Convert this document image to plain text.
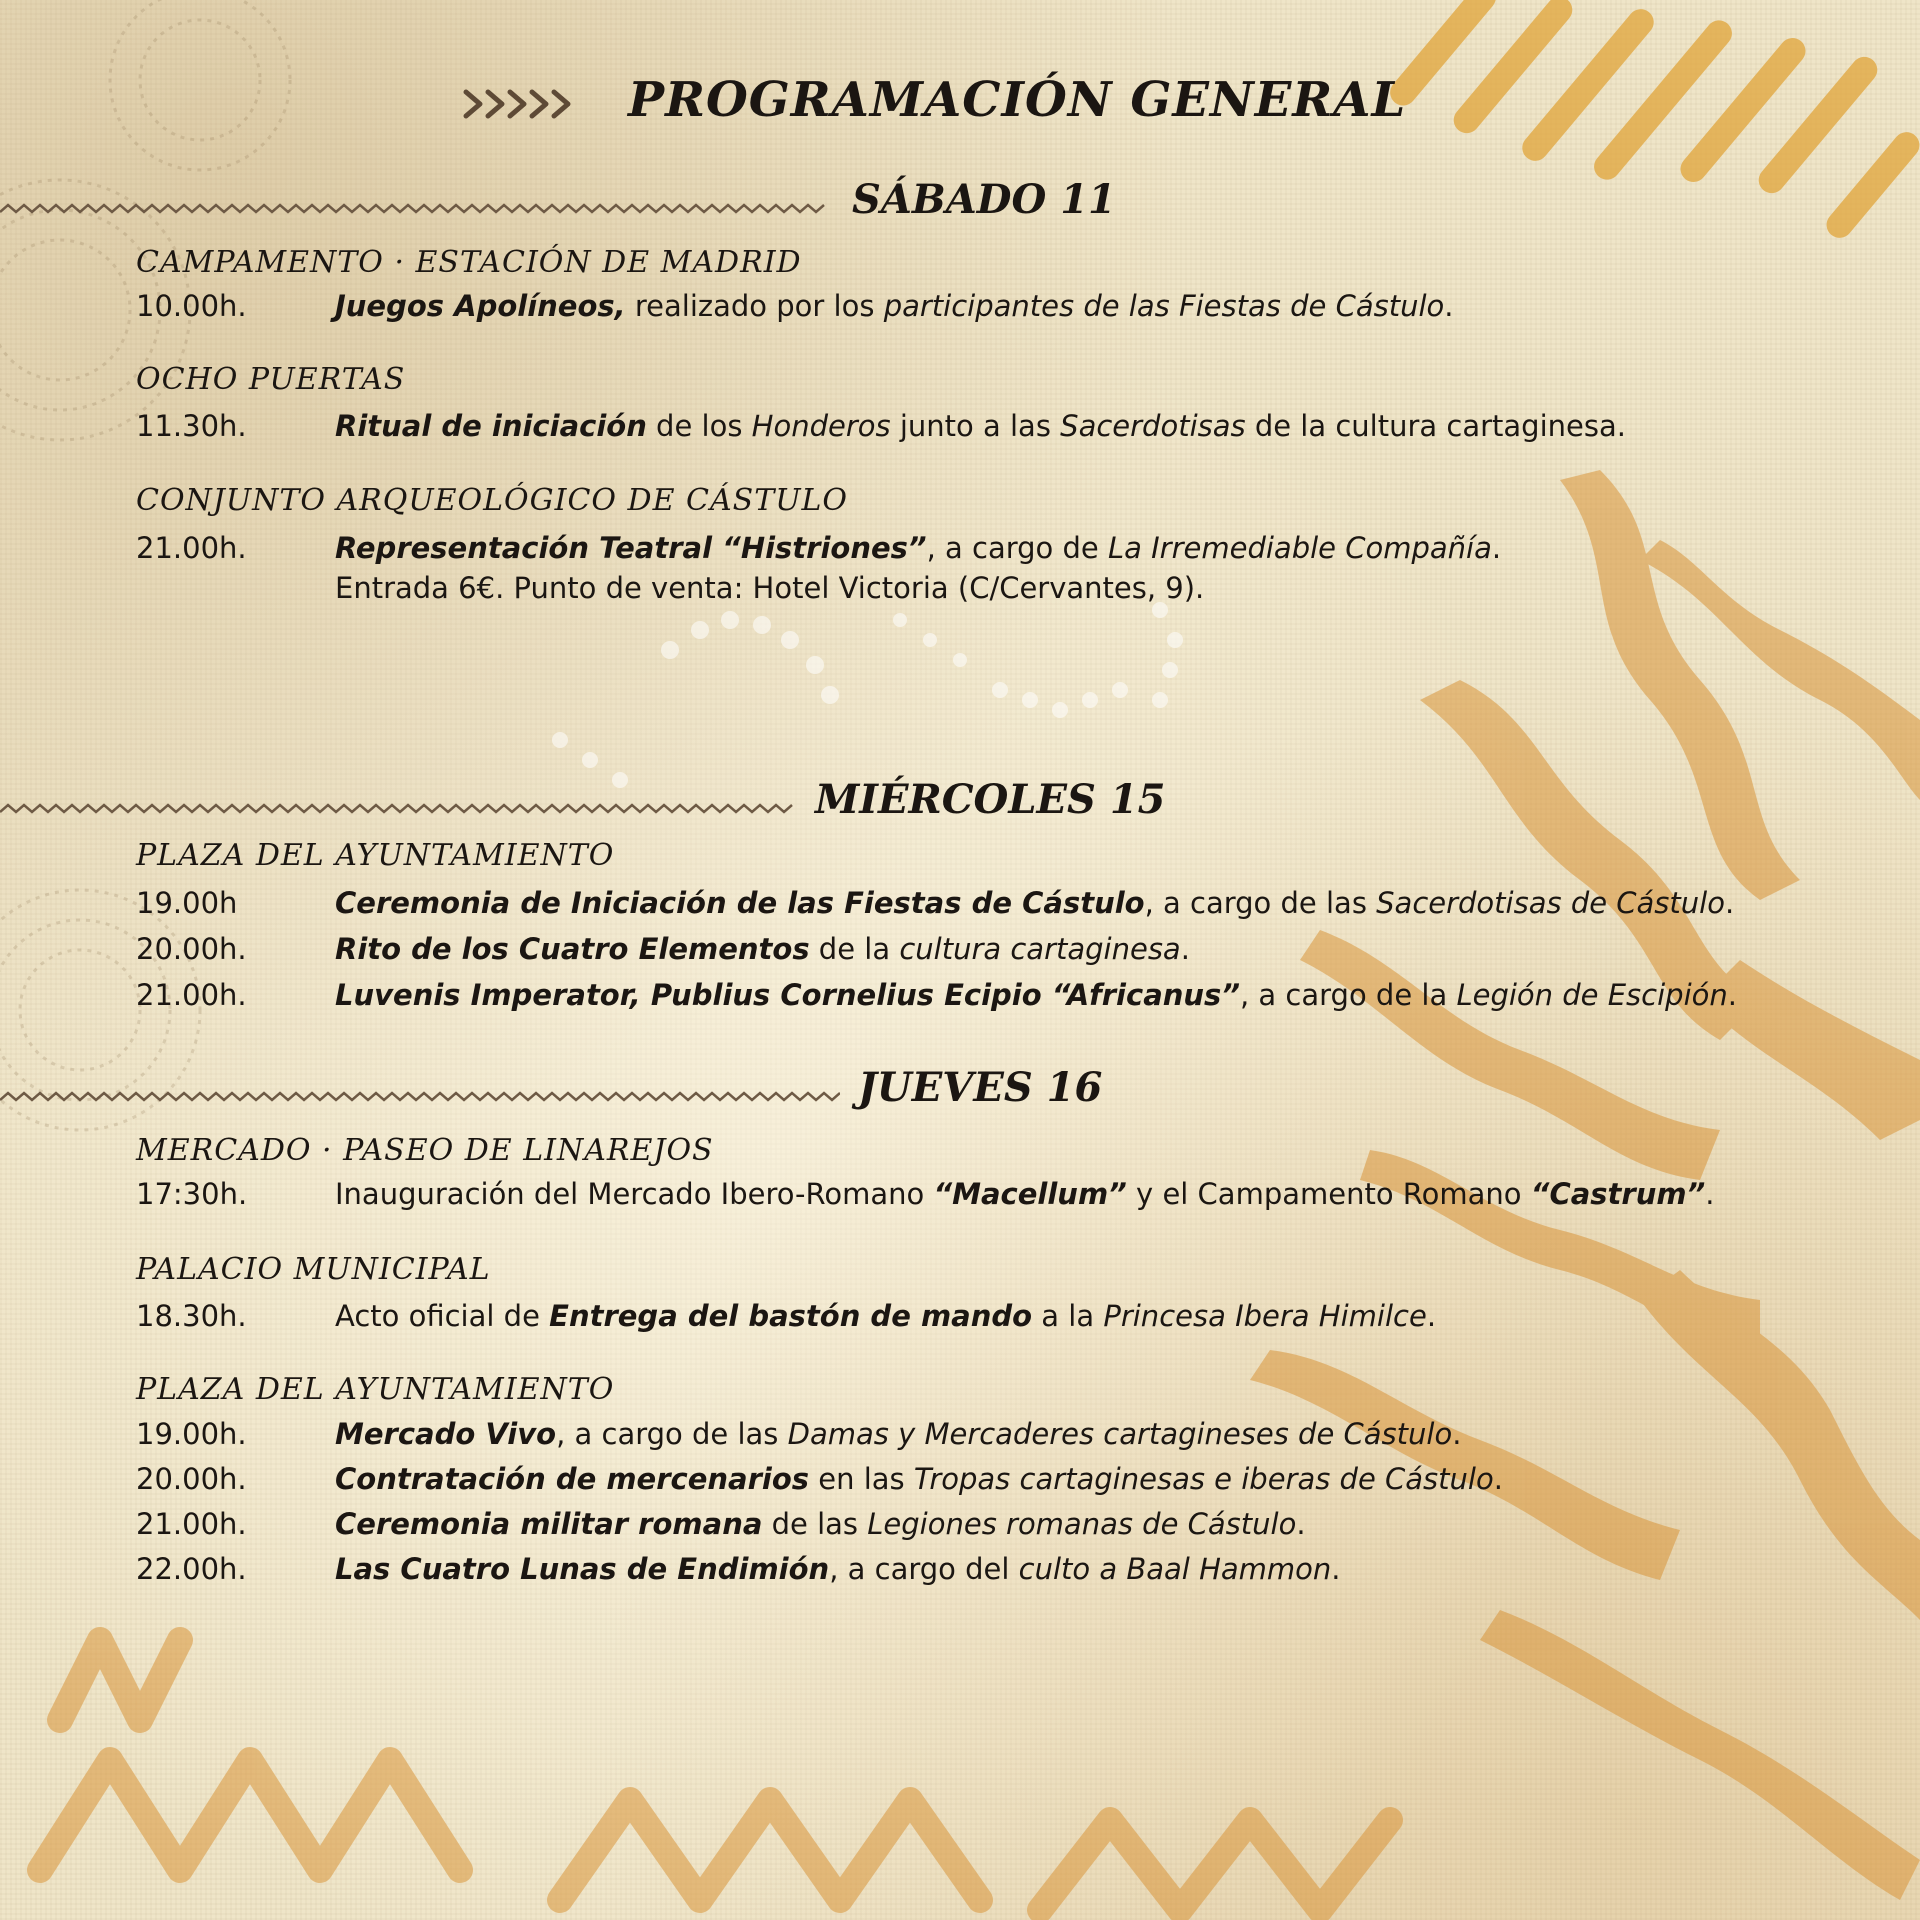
PROGRAMACIÓN GENERAL
SÁBADO 11
CAMPAMENTO · ESTACIÓN DE MADRID
10.00h.	Juegos Apolíneos, realizado por los participantes de las Fiestas de Cástulo.
OCHO PUERTAS
11.30h.	Ritual de iniciación de los Honderos junto a las Sacerdotisas de la cultura cartaginesa.
CONJUNTO ARQUEOLÓGICO DE CÁSTULO
21.00h.	Representación Teatral “Histriones”, a cargo de La Irremediable Compañía.
Entrada 6€. Punto de venta: Hotel Victoria (C/Cervantes, 9).
MIÉRCOLES 15
PLAZA DEL AYUNTAMIENTO
19.00h	Ceremonia de Iniciación de las Fiestas de Cástulo, a cargo de las Sacerdotisas de Cástulo.
20.00h.	Rito de los Cuatro Elementos de la cultura cartaginesa.
21.00h.	Luvenis Imperator, Publius Cornelius Ecipio “Africanus”, a cargo de la Legión de Escipión.
JUEVES 16
MERCADO · PASEO DE LINAREJOS
17:30h.	Inauguración del Mercado Ibero-Romano “Macellum” y el Campamento Romano “Castrum”.
PALACIO MUNICIPAL
18.30h.	Acto oficial de Entrega del bastón de mando a la Princesa Ibera Himilce.
PLAZA DEL AYUNTAMIENTO
19.00h.	Mercado Vivo, a cargo de las Damas y Mercaderes cartagineses de Cástulo.
20.00h.	Contratación de mercenarios en las Tropas cartaginesas e iberas de Cástulo.
21.00h.	Ceremonia militar romana de las Legiones romanas de Cástulo.
22.00h.	Las Cuatro Lunas de Endimión, a cargo del culto a Baal Hammon.
